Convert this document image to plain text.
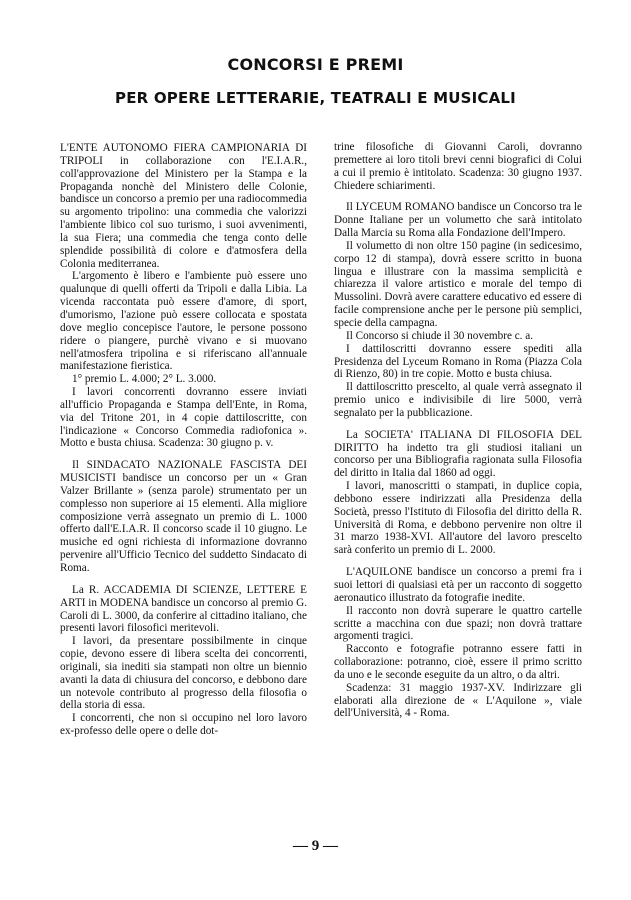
CONCORSI E PREMI
PER OPERE LETTERARIE, TEATRALI E MUSICALI

L'ENTE AUTONOMO FIERA CAMPIONARIA DI TRIPOLI in collaborazione con l'E.I.A.R., coll'approvazione del Ministero per la Stampa e la Propaganda nonchè del Ministero delle Colonie, bandisce un concorso a premio per una radiocommedia su argomento tripolino: una commedia che valorizzi l'ambiente libico col suo turismo, i suoi avvenimenti, la sua Fiera; una commedia che tenga conto delle splendide possibilità di colore e d'atmosfera della Colonia mediterranea.

L'argomento è libero e l'ambiente può essere uno qualunque di quelli offerti da Tripoli e dalla Libia. La vicenda raccontata può essere d'amore, di sport, d'umorismo, l'azione può essere collocata e spostata dove meglio concepisce l'autore, le persone possono ridere o piangere, purchè vivano e si muovano nell'atmosfera tripolina e si riferiscano all'annuale manifestazione fieristica.

1° premio L. 4.000; 2° L. 3.000.

I lavori concorrenti dovranno essere inviati all'ufficio Propaganda e Stampa dell'Ente, in Roma, via del Tritone 201, in 4 copie dattiloscritte, con l'indicazione « Concorso Commedia radiofonica ». Motto e busta chiusa. Scadenza: 30 giugno p. v.

Il SINDACATO NAZIONALE FASCISTA DEI MUSICISTI bandisce un concorso per un « Gran Valzer Brillante » (senza parole) strumentato per un complesso non superiore ai 15 elementi. Alla migliore composizione verrà assegnato un premio di L. 1000 offerto dall'E.I.A.R. Il concorso scade il 10 giugno. Le musiche ed ogni richiesta di informazione dovranno pervenire all'Ufficio Tecnico del suddetto Sindacato di Roma.

La R. ACCADEMIA DI SCIENZE, LETTERE E ARTI in MODENA bandisce un concorso al premio G. Caroli di L. 3000, da conferire al cittadino italiano, che presenti lavori filosofici meritevoli.

I lavori, da presentare possibilmente in cinque copie, devono essere di libera scelta dei concorrenti, originali, sia inediti sia stampati non oltre un biennio avanti la data di chiusura del concorso, e debbono dare un notevole contributo al progresso della filosofia o della storia di essa.

I concorrenti, che non si occupino nel loro lavoro ex-professo delle opere o delle dot-

trine filosofiche di Giovanni Caroli, dovranno premettere ai loro titoli brevi cenni biografici di Colui a cui il premio è intitolato. Scadenza: 30 giugno 1937. Chiedere schiarimenti.

Il LYCEUM ROMANO bandisce un Concorso tra le Donne Italiane per un volumetto che sarà intitolato Dalla Marcia su Roma alla Fondazione dell'Impero.

Il volumetto di non oltre 150 pagine (in sedicesimo, corpo 12 di stampa), dovrà essere scritto in buona lingua e illustrare con la massima semplicità e chiarezza il valore artistico e morale del tempo di Mussolini. Dovrà avere carattere educativo ed essere di facile comprensione anche per le persone più semplici, specie della campagna.

Il Concorso si chiude il 30 novembre c. a.

I dattiloscritti dovranno essere spediti alla Presidenza del Lyceum Romano in Roma (Piazza Cola di Rienzo, 80) in tre copie. Motto e busta chiusa.

Il dattiloscritto prescelto, al quale verrà assegnato il premio unico e indivisibile di lire 5000, verrà segnalato per la pubblicazione.

La SOCIETA' ITALIANA DI FILOSOFIA DEL DIRITTO ha indetto tra gli studiosi italiani un concorso per una Bibliografia ragionata sulla Filosofia del diritto in Italia dal 1860 ad oggi.

I lavori, manoscritti o stampati, in duplice copia, debbono essere indirizzati alla Presidenza della Società, presso l'Istituto di Filosofia del diritto della R. Università di Roma, e debbono pervenire non oltre il 31 marzo 1938-XVI. All'autore del lavoro prescelto sarà conferito un premio di L. 2000.

L'AQUILONE bandisce un concorso a premi fra i suoi lettori di qualsiasi età per un racconto di soggetto aeronautico illustrato da fotografie inedite.

Il racconto non dovrà superare le quattro cartelle scritte a macchina con due spazi; non dovrà trattare argomenti tragici.

Racconto e fotografie potranno essere fatti in collaborazione: potranno, cioè, essere il primo scritto da uno e le seconde eseguite da un altro, o da altri.

Scadenza: 31 maggio 1937-XV. Indirizzare gli elaborati alla direzione de « L'Aquilone », viale dell'Università, 4 - Roma.

— 9 —
